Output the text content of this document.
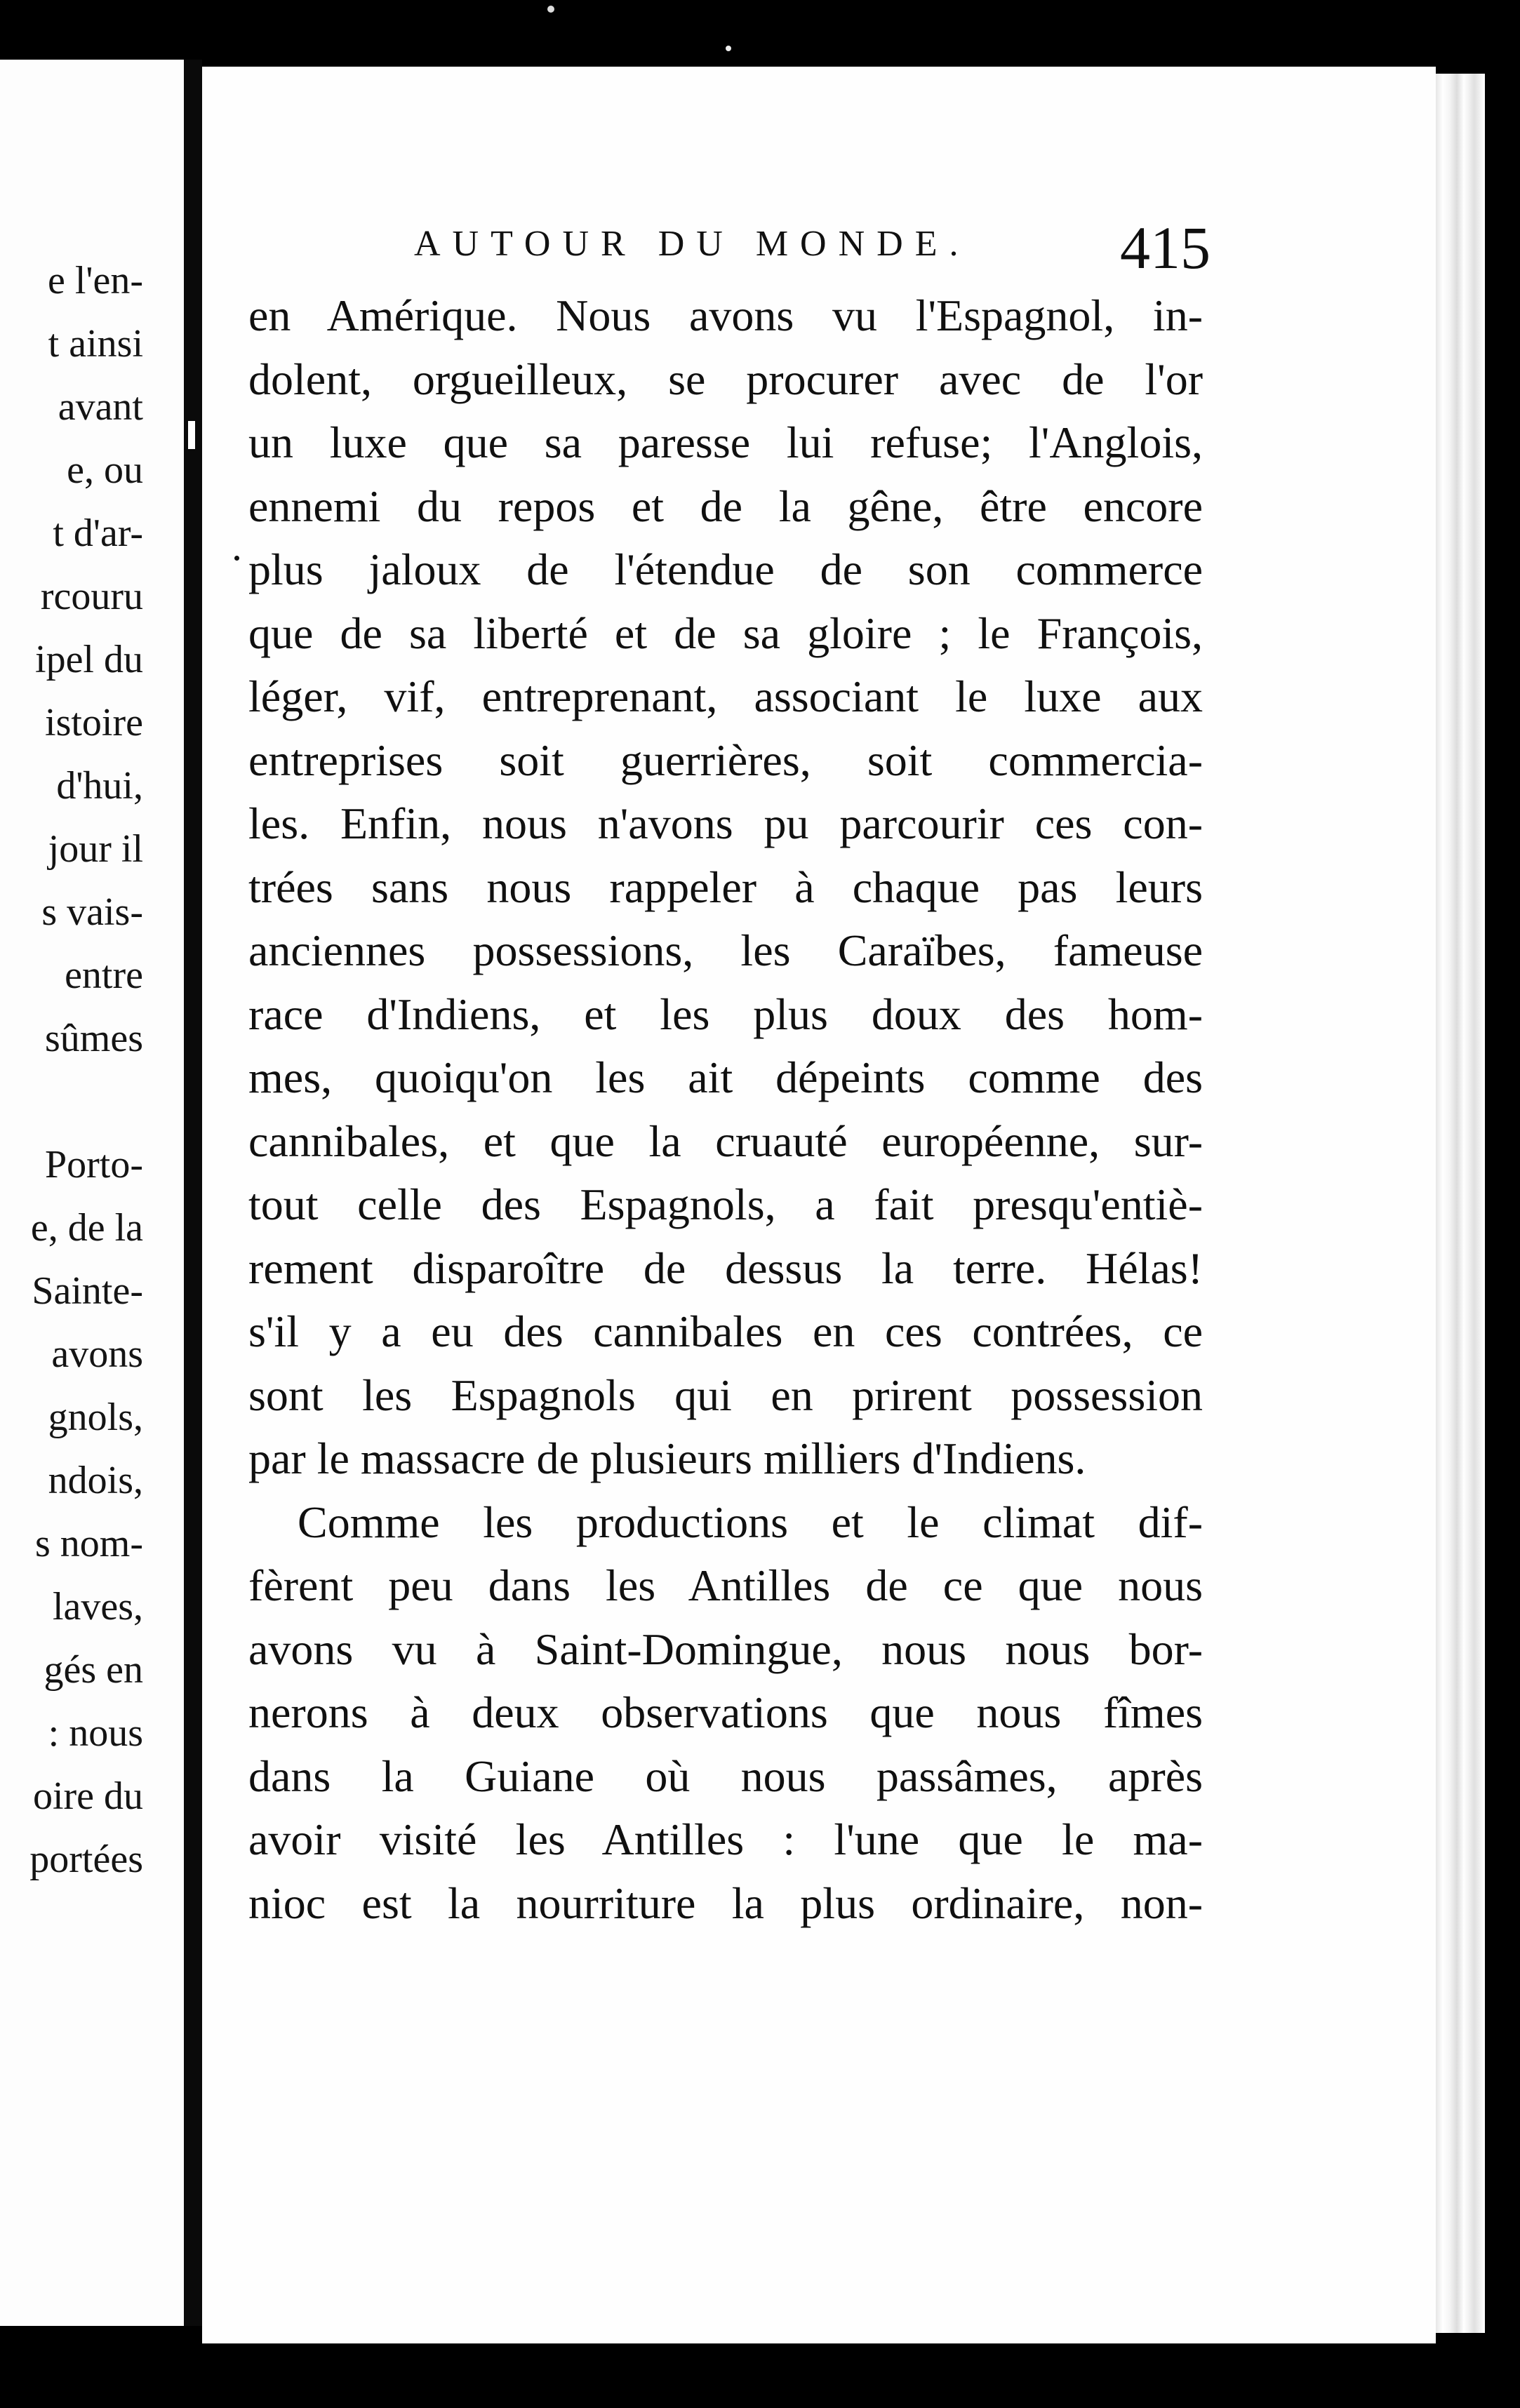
e l'en-
t ainsi
avant
e, ou
t d'ar-
rcouru
ipel du
istoire
d'hui,
jour il
s vais-
entre
sûmes
Porto-
e, de la
Sainte-
avons
gnols,
ndois,
s nom-
laves,
gés en
: nous
oire du
portées
AUTOUR DU MONDE. 415
en Amérique. Nous avons vu l'Espagnol, in-
dolent, orgueilleux, se procurer avec de l'or
un luxe que sa paresse lui refuse; l'Anglois,
ennemi du repos et de la gêne, être encore
plus jaloux de l'étendue de son commerce
que de sa liberté et de sa gloire ; le François,
léger, vif, entreprenant, associant le luxe aux
entreprises soit guerrières, soit commercia-
les. Enfin, nous n'avons pu parcourir ces con-
trées sans nous rappeler à chaque pas leurs
anciennes possessions, les Caraïbes, fameuse
race d'Indiens, et les plus doux des hom-
mes, quoiqu'on les ait dépeints comme des
cannibales, et que la cruauté européenne, sur-
tout celle des Espagnols, a fait presqu'entiè-
rement disparoître de dessus la terre. Hélas!
s'il y a eu des cannibales en ces contrées, ce
sont les Espagnols qui en prirent possession
par le massacre de plusieurs milliers d'Indiens.
Comme les productions et le climat dif-
fèrent peu dans les Antilles de ce que nous
avons vu à Saint-Domingue, nous nous bor-
nerons à deux observations que nous fîmes
dans la Guiane où nous passâmes, après
avoir visité les Antilles : l'une que le ma-
nioc est la nourriture la plus ordinaire, non-
